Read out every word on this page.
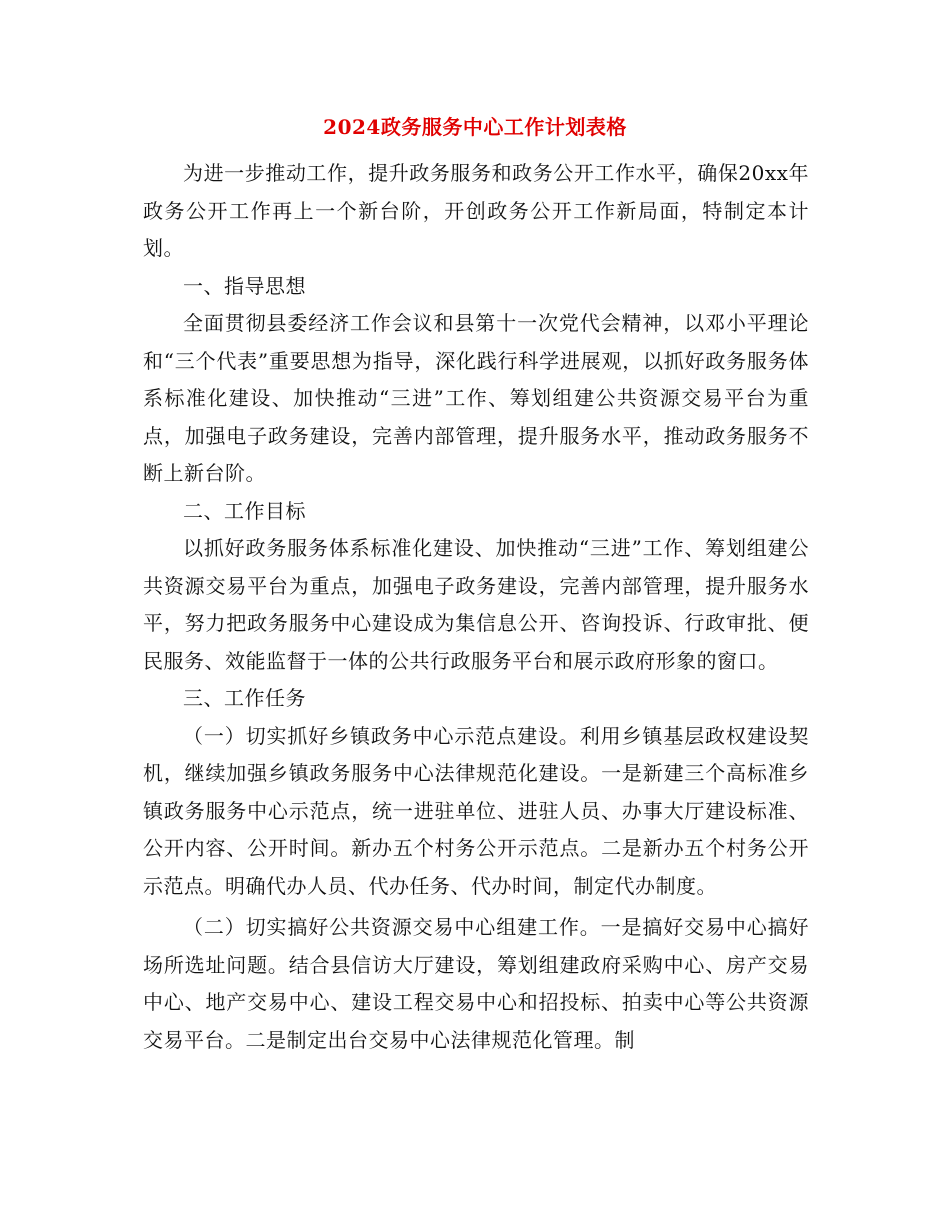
2024政务服务中心工作计划表格

为进一步推动工作，提升政务服务和政务公开工作水平，确保20xx年政务公开工作再上一个新台阶，开创政务公开工作新局面，特制定本计划。

一、指导思想

全面贯彻县委经济工作会议和县第十一次党代会精神，以邓小平理论和“三个代表”重要思想为指导，深化践行科学进展观，以抓好政务服务体系标准化建设、加快推动“三进”工作、筹划组建公共资源交易平台为重点，加强电子政务建设，完善内部管理，提升服务水平，推动政务服务不断上新台阶。

二、工作目标

以抓好政务服务体系标准化建设、加快推动“三进”工作、筹划组建公共资源交易平台为重点，加强电子政务建设，完善内部管理，提升服务水平，努力把政务服务中心建设成为集信息公开、咨询投诉、行政审批、便民服务、效能监督于一体的公共行政服务平台和展示政府形象的窗口。

三、工作任务

（一）切实抓好乡镇政务中心示范点建设。利用乡镇基层政权建设契机，继续加强乡镇政务服务中心法律规范化建设。一是新建三个高标准乡镇政务服务中心示范点，统一进驻单位、进驻人员、办事大厅建设标准、公开内容、公开时间。新办五个村务公开示范点。二是新办五个村务公开示范点。明确代办人员、代办任务、代办时间，制定代办制度。

（二）切实搞好公共资源交易中心组建工作。一是搞好交易中心搞好场所选址问题。结合县信访大厅建设，筹划组建政府采购中心、房产交易中心、地产交易中心、建设工程交易中心和招投标、拍卖中心等公共资源交易平台。二是制定出台交易中心法律规范化管理。制
